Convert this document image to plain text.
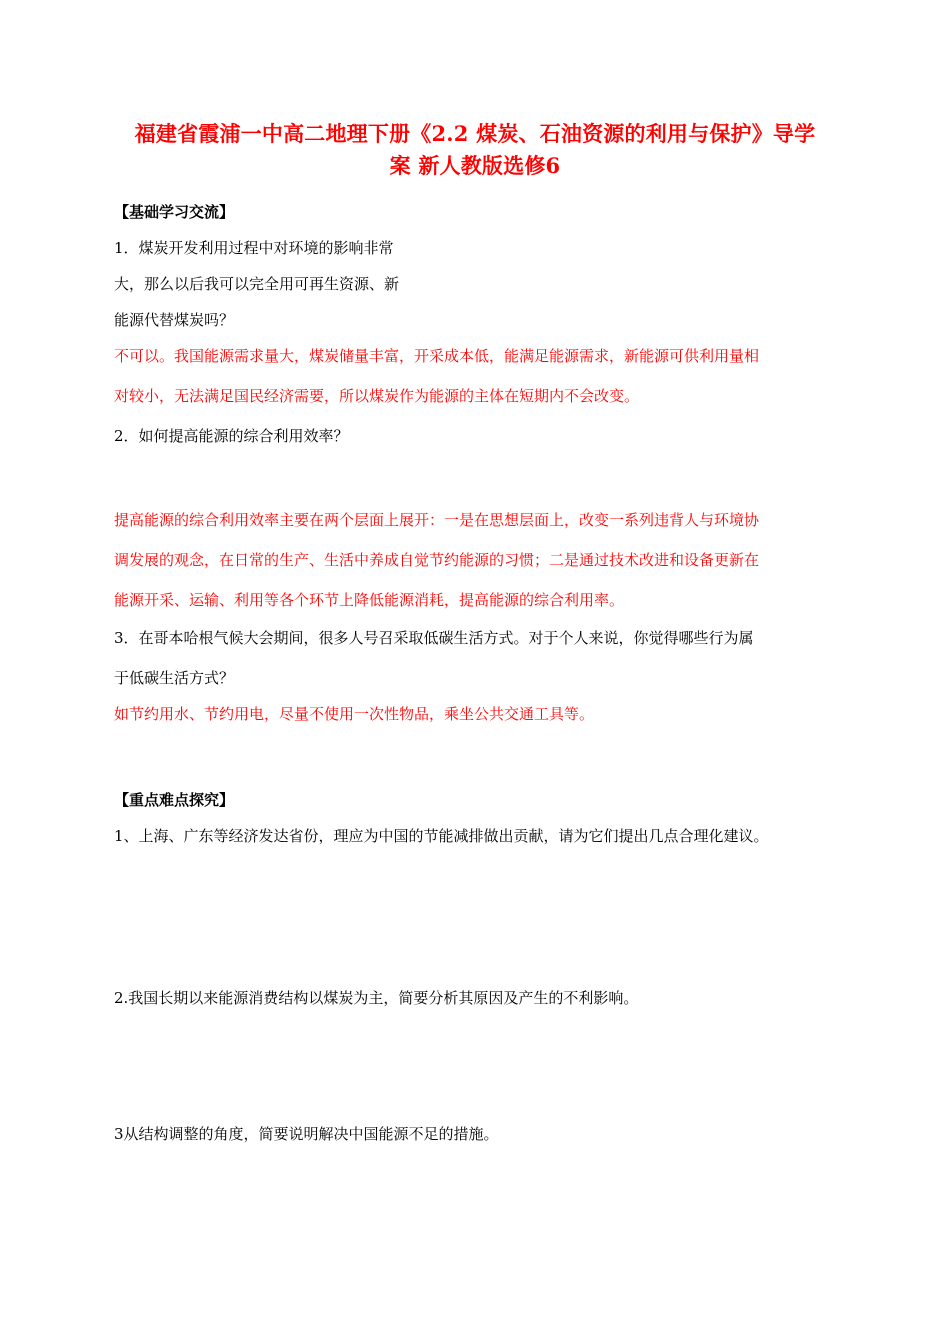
福建省霞浦一中高二地理下册《2.2 煤炭、石油资源的利用与保护》导学
案 新人教版选修6
【基础学习交流】
1．煤炭开发利用过程中对环境的影响非常
大，那么以后我可以完全用可再生资源、新
能源代替煤炭吗？
不可以。我国能源需求量大，煤炭储量丰富，开采成本低，能满足能源需求，新能源可供利用量相
对较小，无法满足国民经济需要，所以煤炭作为能源的主体在短期内不会改变。
2．如何提高能源的综合利用效率？
提高能源的综合利用效率主要在两个层面上展开：一是在思想层面上，改变一系列违背人与环境协
调发展的观念，在日常的生产、生活中养成自觉节约能源的习惯；二是通过技术改进和设备更新在
能源开采、运输、利用等各个环节上降低能源消耗，提高能源的综合利用率。
3．在哥本哈根气候大会期间，很多人号召采取低碳生活方式。对于个人来说，你觉得哪些行为属
于低碳生活方式？
如节约用水、节约用电，尽量不使用一次性物品，乘坐公共交通工具等。
【重点难点探究】
1、上海、广东等经济发达省份，理应为中国的节能减排做出贡献，请为它们提出几点合理化建议。
2.我国长期以来能源消费结构以煤炭为主，简要分析其原因及产生的不利影响。
3从结构调整的角度，简要说明解决中国能源不足的措施。
